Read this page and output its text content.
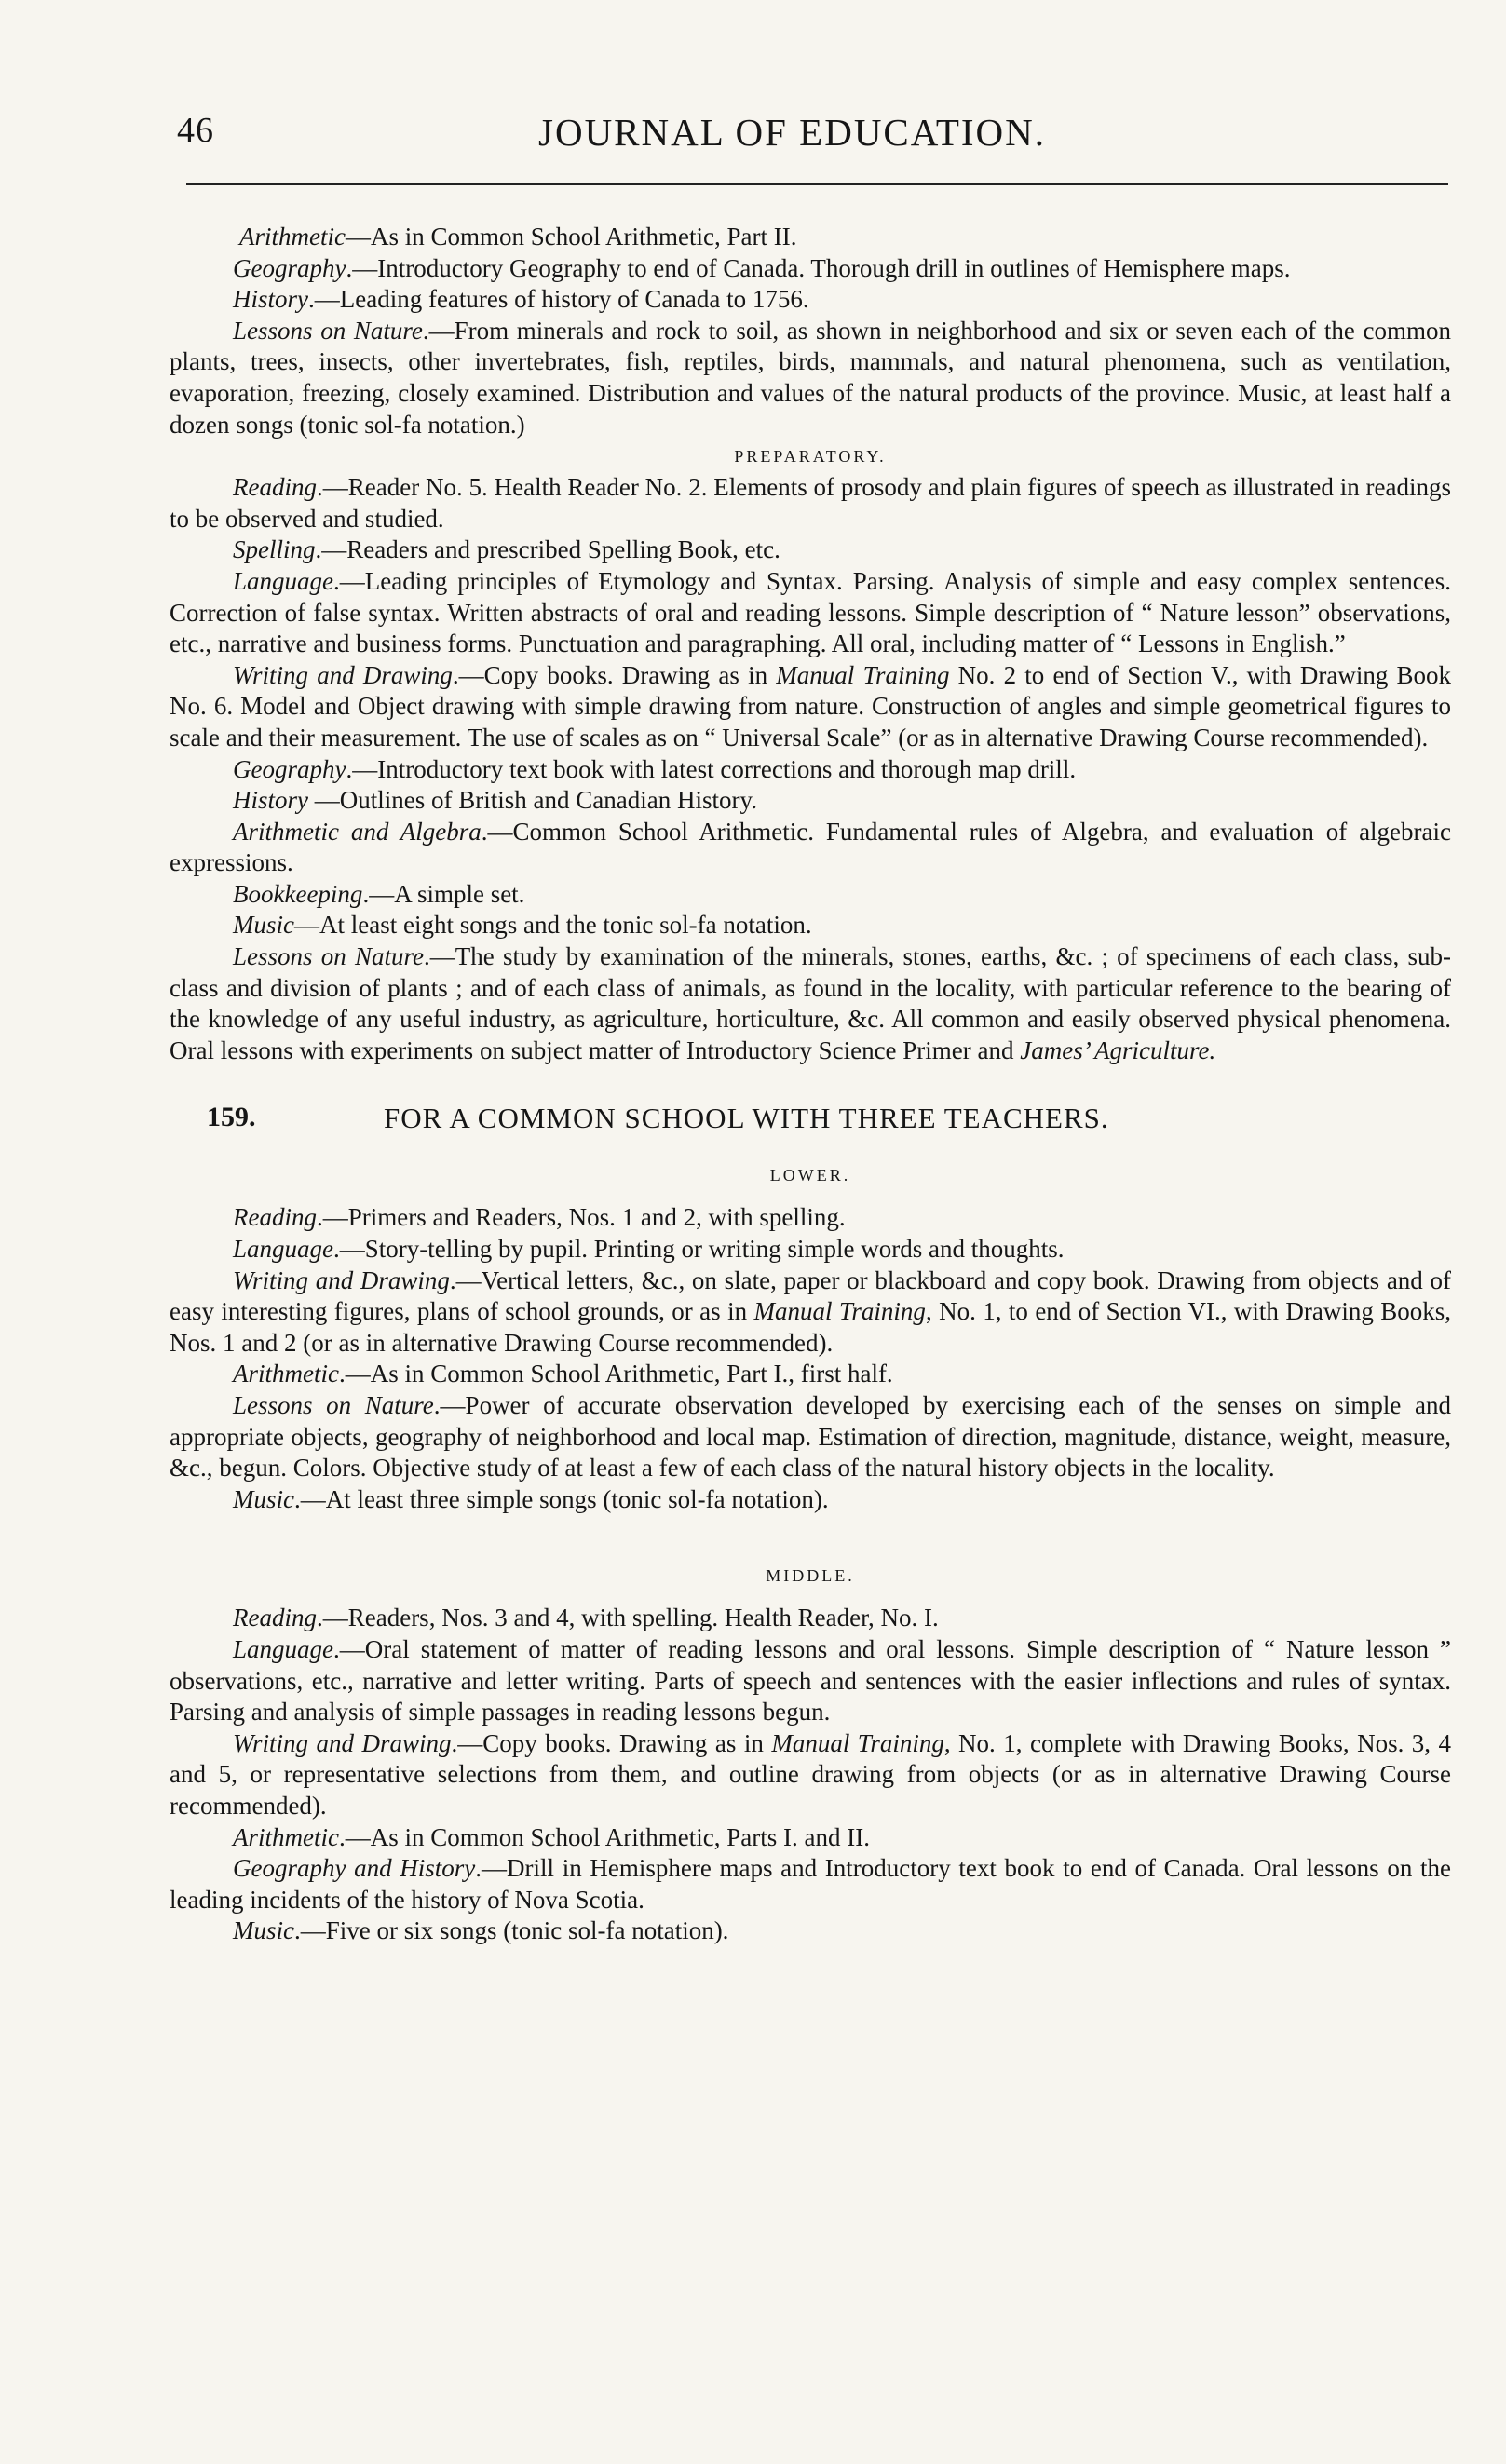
46	JOURNAL OF EDUCATION.

Arithmetic—As in Common School Arithmetic, Part II.

Geography.—Introductory Geography to end of Canada. Thorough drill in outlines of Hemisphere maps.

History.—Leading features of history of Canada to 1756.

Lessons on Nature.—From minerals and rock to soil, as shown in neighborhood and six or seven each of the common plants, trees, insects, other invertebrates, fish, reptiles, birds, mammals, and natural phenomena, such as ventilation, evaporation, freezing, closely examined. Distribution and values of the natural products of the province. Music, at least half a dozen songs (tonic sol-fa notation.)

PREPARATORY.

Reading.—Reader No. 5. Health Reader No. 2. Elements of prosody and plain figures of speech as illustrated in readings to be observed and studied.

Spelling.—Readers and prescribed Spelling Book, etc.

Language.—Leading principles of Etymology and Syntax. Parsing. Analysis of simple and easy complex sentences. Correction of false syntax. Written abstracts of oral and reading lessons. Simple description of “ Nature lesson” observations, etc., narrative and business forms. Punctuation and paragraphing. All oral, including matter of “ Lessons in English.”

Writing and Drawing.—Copy books. Drawing as in Manual Training No. 2 to end of Section V., with Drawing Book No. 6. Model and Object drawing with simple drawing from nature. Construction of angles and simple geometrical figures to scale and their measurement. The use of scales as on “ Universal Scale” (or as in alternative Drawing Course recommended).

Geography.—Introductory text book with latest corrections and thorough map drill.

History —Outlines of British and Canadian History.

Arithmetic and Algebra.—Common School Arithmetic. Fundamental rules of Algebra, and evaluation of algebraic expressions.

Bookkeeping.—A simple set.

Music—At least eight songs and the tonic sol-fa notation.

Lessons on Nature.—The study by examination of the minerals, stones, earths, &c. ; of specimens of each class, sub-class and division of plants ; and of each class of animals, as found in the locality, with particular reference to the bearing of the knowledge of any useful industry, as agriculture, horticulture, &c. All common and easily observed physical phenomena. Oral lessons with experiments on subject matter of Introductory Science Primer and James’ Agriculture.

159.	FOR A COMMON SCHOOL WITH THREE TEACHERS.
LOWER.

Reading.—Primers and Readers, Nos. 1 and 2, with spelling.

Language.—Story-telling by pupil. Printing or writing simple words and thoughts.

Writing and Drawing.—Vertical letters, &c., on slate, paper or blackboard and copy book. Drawing from objects and of easy interesting figures, plans of school grounds, or as in Manual Training, No. 1, to end of Section VI., with Drawing Books, Nos. 1 and 2 (or as in alternative Drawing Course recommended).

Arithmetic.—As in Common School Arithmetic, Part I., first half.

Lessons on Nature.—Power of accurate observation developed by exercising each of the senses on simple and appropriate objects, geography of neighborhood and local map. Estimation of direction, magnitude, distance, weight, measure, &c., begun. Colors. Objective study of at least a few of each class of the natural history objects in the locality.

Music.—At least three simple songs (tonic sol-fa notation).

MIDDLE.

Reading.—Readers, Nos. 3 and 4, with spelling. Health Reader, No. I.

Language.—Oral statement of matter of reading lessons and oral lessons. Simple description of “ Nature lesson ” observations, etc., narrative and letter writing. Parts of speech and sentences with the easier inflections and rules of syntax. Parsing and analysis of simple passages in reading lessons begun.

Writing and Drawing.—Copy books. Drawing as in Manual Training, No. 1, complete with Drawing Books, Nos. 3, 4 and 5, or representative selections from them, and outline drawing from objects (or as in alternative Drawing Course recommended).

Arithmetic.—As in Common School Arithmetic, Parts I. and II.

Geography and History.—Drill in Hemisphere maps and Introductory text book to end of Canada. Oral lessons on the leading incidents of the history of Nova Scotia.

Music.—Five or six songs (tonic sol-fa notation).
